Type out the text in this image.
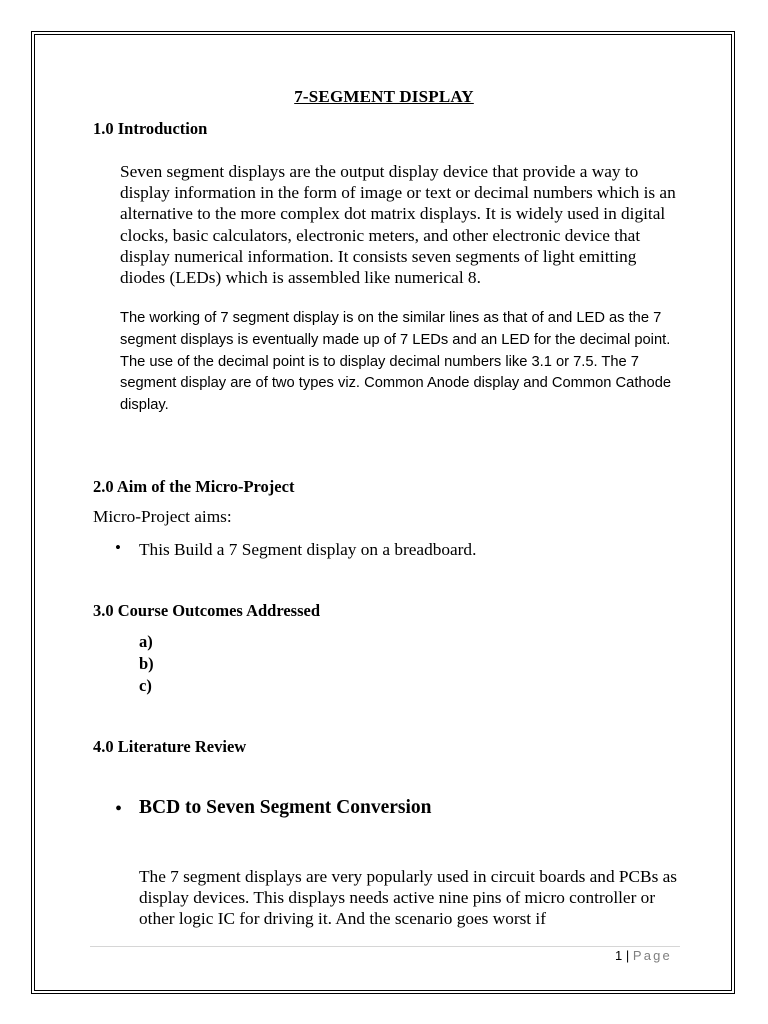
7-SEGMENT DISPLAY
1.0 Introduction

Seven segment displays are the output display device that provide a way to display information in the form of image or text or decimal numbers which is an alternative to the more complex dot matrix displays. It is widely used in digital clocks, basic calculators, electronic meters, and other electronic device that display numerical information. It consists seven segments of light emitting diodes (LEDs) which is assembled like numerical 8.

The working of 7 segment display is on the similar lines as that of and LED as the 7 segment displays is eventually made up of 7 LEDs and an LED for the decimal point. The use of the decimal point is to display decimal numbers like 3.1 or 7.5. The 7 segment display are of two types viz. Common Anode display and Common Cathode display.

2.0 Aim of the Micro-Project
Micro-Project aims:
• This Build a 7 Segment display on a breadboard.
3.0 Course Outcomes Addressed
a)
b)
c)
4.0 Literature Review
• BCD to Seven Segment Conversion

The 7 segment displays are very popularly used in circuit boards and PCBs as display devices. This displays needs active nine pins of micro controller or other logic IC for driving it. And the scenario goes worst if

1 | Page
